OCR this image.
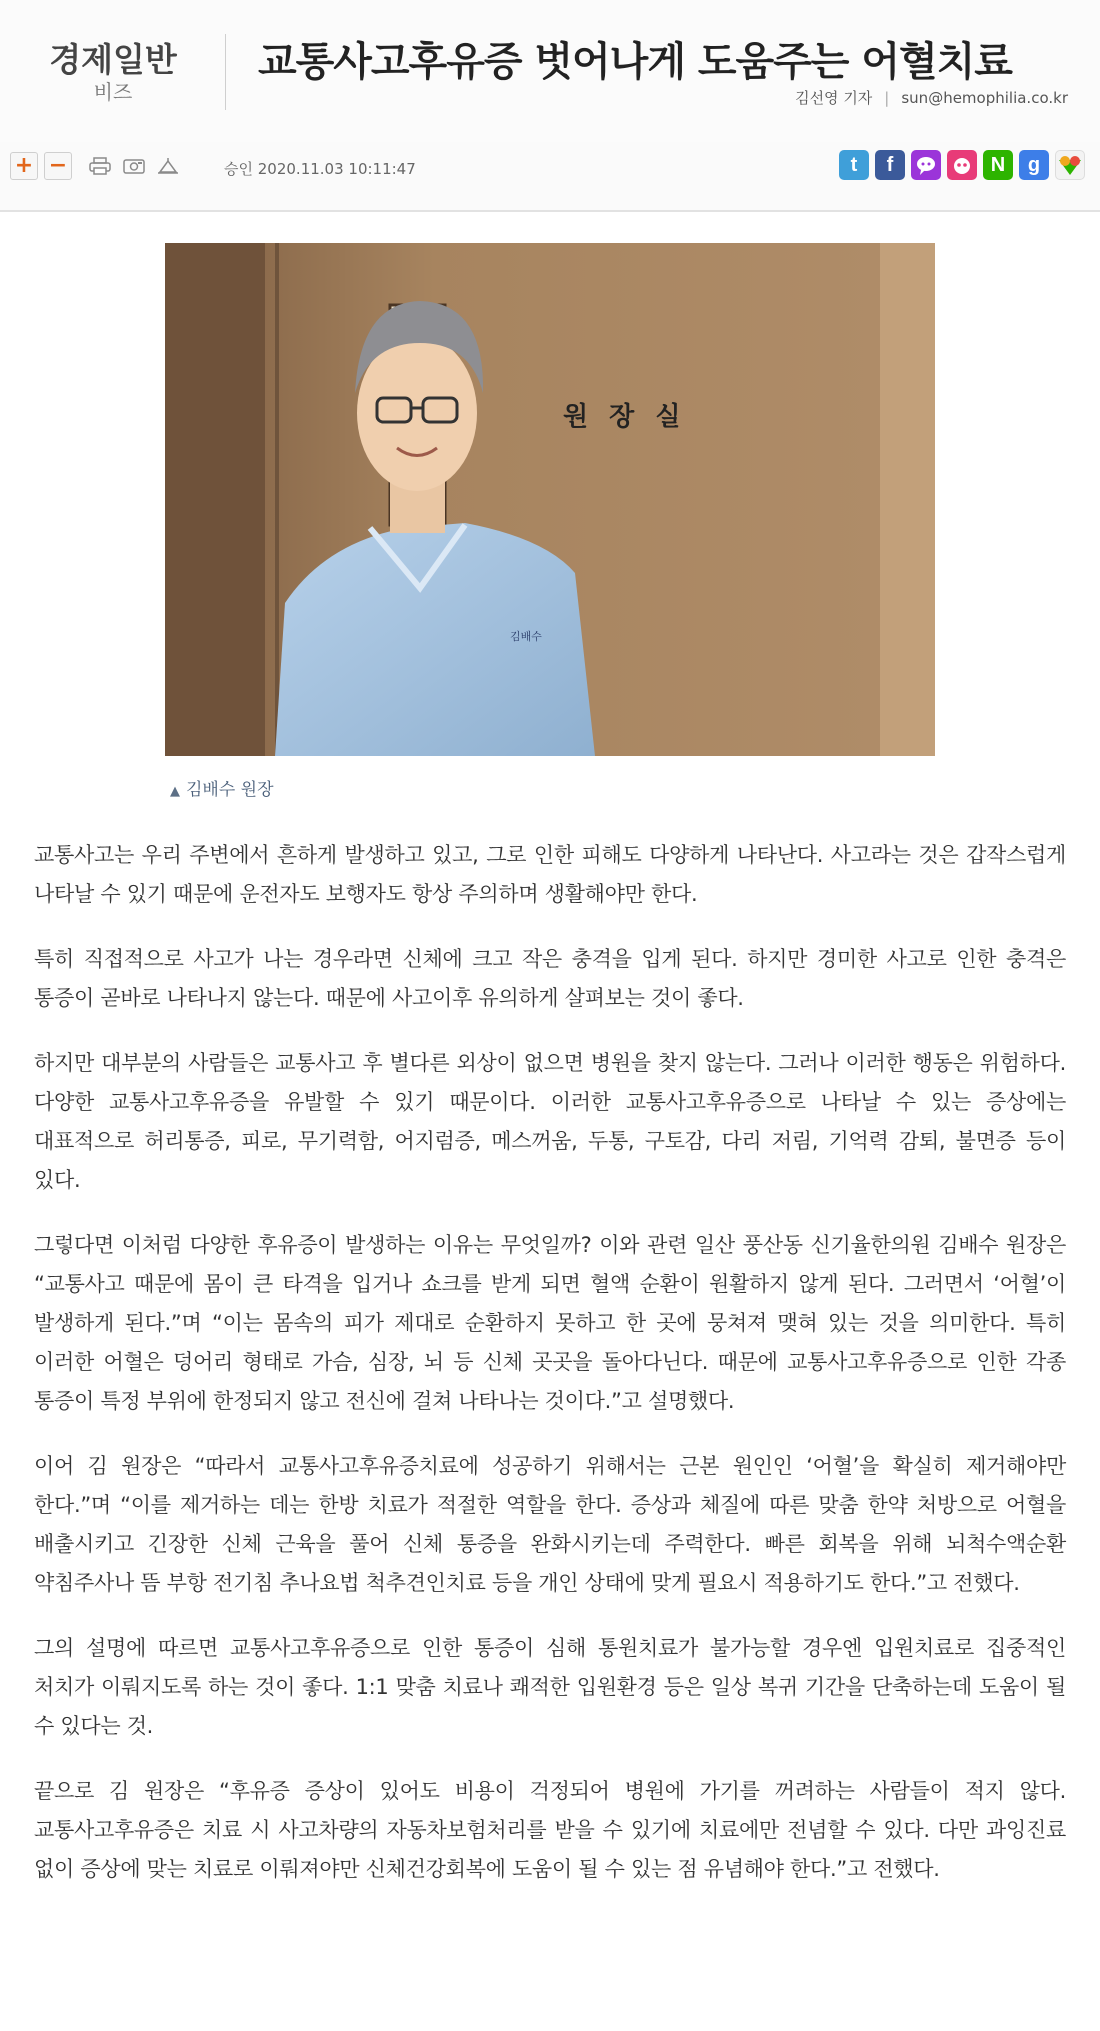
경제일반
비즈
교통사고후유증 벗어나게 도움주는 어혈치료
김선영 기자 | sun@hemophilia.co.kr
+ −	승인 2020.11.03 10:11:47	t	f	N	g
원 장 실
김배수
▲ 김배수 원장

교통사고는 우리 주변에서 흔하게 발생하고 있고, 그로 인한 피해도 다양하게 나타난다. 사고라는 것은 갑작스럽게 나타날 수 있기 때문에 운전자도 보행자도 항상 주의하며 생활해야만 한다.

특히 직접적으로 사고가 나는 경우라면 신체에 크고 작은 충격을 입게 된다. 하지만 경미한 사고로 인한 충격은 통증이 곧바로 나타나지 않는다. 때문에 사고이후 유의하게 살펴보는 것이 좋다.

하지만 대부분의 사람들은 교통사고 후 별다른 외상이 없으면 병원을 찾지 않는다. 그러나 이러한 행동은 위험하다. 다양한 교통사고후유증을 유발할 수 있기 때문이다. 이러한 교통사고후유증으로 나타날 수 있는 증상에는 대표적으로 허리통증, 피로, 무기력함, 어지럼증, 메스꺼움, 두통, 구토감, 다리 저림, 기억력 감퇴, 불면증 등이 있다.

그렇다면 이처럼 다양한 후유증이 발생하는 이유는 무엇일까? 이와 관련 일산 풍산동 신기율한의원 김배수 원장은 “교통사고 때문에 몸이 큰 타격을 입거나 쇼크를 받게 되면 혈액 순환이 원활하지 않게 된다. 그러면서 ‘어혈’이 발생하게 된다.”며 “이는 몸속의 피가 제대로 순환하지 못하고 한 곳에 뭉쳐져 맺혀 있는 것을 의미한다. 특히 이러한 어혈은 덩어리 형태로 가슴, 심장, 뇌 등 신체 곳곳을 돌아다닌다. 때문에 교통사고후유증으로 인한 각종 통증이 특정 부위에 한정되지 않고 전신에 걸쳐 나타나는 것이다.”고 설명했다.

이어 김 원장은 “따라서 교통사고후유증치료에 성공하기 위해서는 근본 원인인 ‘어혈’을 확실히 제거해야만 한다.”며 “이를 제거하는 데는 한방 치료가 적절한 역할을 한다. 증상과 체질에 따른 맞춤 한약 처방으로 어혈을 배출시키고 긴장한 신체 근육을 풀어 신체 통증을 완화시키는데 주력한다. 빠른 회복을 위해 뇌척수액순환 약침주사나 뜸 부항 전기침 추나요법 척추견인치료 등을 개인 상태에 맞게 필요시 적용하기도 한다.”고 전했다.

그의 설명에 따르면 교통사고후유증으로 인한 통증이 심해 통원치료가 불가능할 경우엔 입원치료로 집중적인 처치가 이뤄지도록 하는 것이 좋다. 1:1 맞춤 치료나 쾌적한 입원환경 등은 일상 복귀 기간을 단축하는데 도움이 될 수 있다는 것.

끝으로 김 원장은 “후유증 증상이 있어도 비용이 걱정되어 병원에 가기를 꺼려하는 사람들이 적지 않다. 교통사고후유증은 치료 시 사고차량의 자동차보험처리를 받을 수 있기에 치료에만 전념할 수 있다. 다만 과잉진료 없이 증상에 맞는 치료로 이뤄져야만 신체건강회복에 도움이 될 수 있는 점 유념해야 한다.”고 전했다.
